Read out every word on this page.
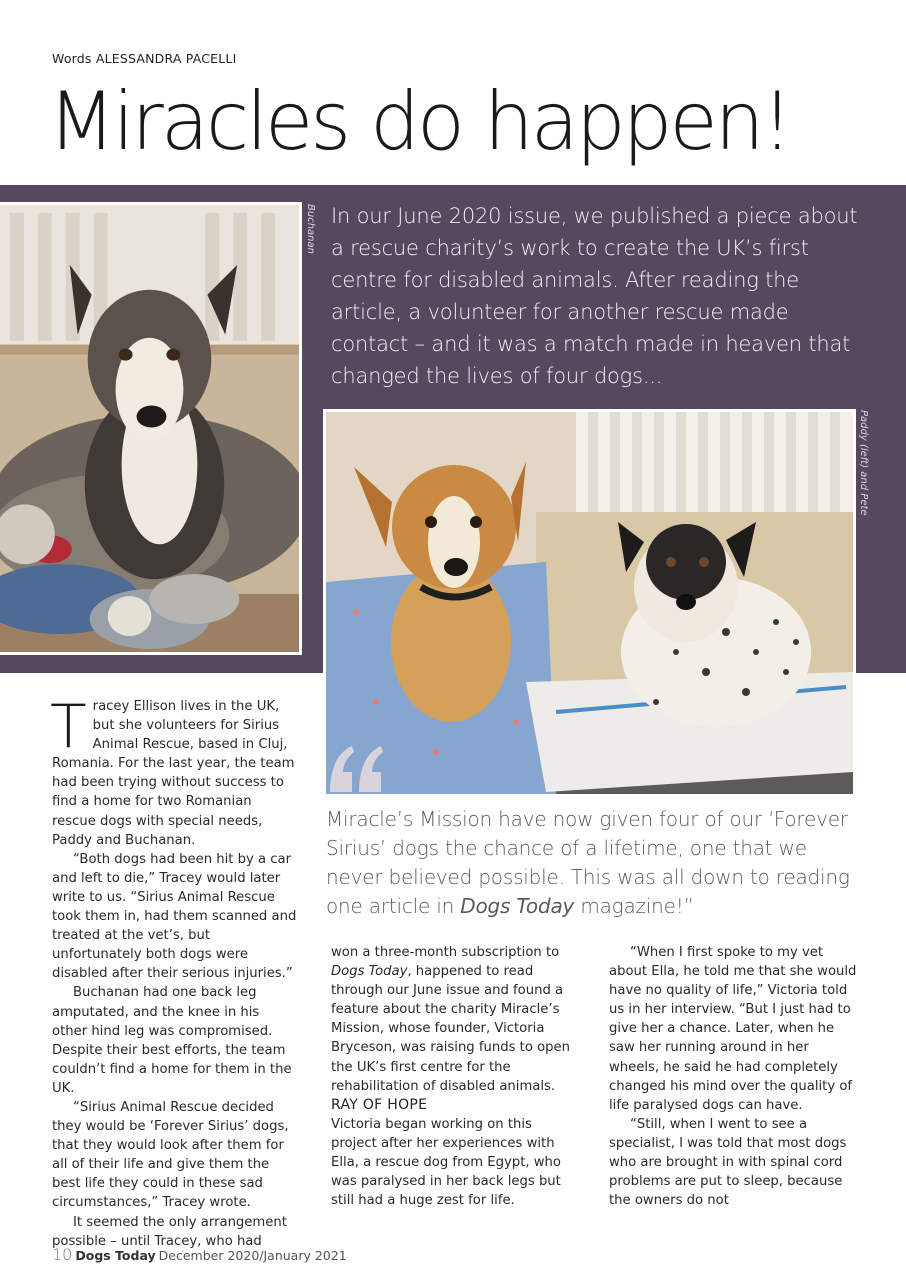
Words ALESSANDRA PACELLI
Miracles do happen!
Buchanan In our June 2020 issue, we published a piece about a rescue charity’s work to create the UK’s first centre for disabled animals. After reading the article, a volunteer for another rescue made contact – and it was a match made in heaven that changed the lives of four dogs...
Paddy (left) and Pete
Miracle’s Mission have now given four of our ‘Forever Sirius’ dogs the chance of a lifetime, one that we never believed possible. This was all down to reading one article in Dogs Today magazine!”

Tracey Ellison lives in the UK, but she volunteers for Sirius Animal Rescue, based in Cluj, Romania. For the last year, the team had been trying without success to find a home for two Romanian rescue dogs with special needs, Paddy and Buchanan.

“Both dogs had been hit by a car and left to die,” Tracey would later write to us. “Sirius Animal Rescue took them in, had them scanned and treated at the vet’s, but unfortunately both dogs were disabled after their serious injuries.”

Buchanan had one back leg amputated, and the knee in his other hind leg was compromised. Despite their best efforts, the team couldn’t find a home for them in the UK.

“Sirius Animal Rescue decided they would be ‘Forever Sirius’ dogs, that they would look after them for all of their life and give them the best life they could in these sad circumstances,” Tracey wrote.

It seemed the only arrangement possible – until Tracey, who had

won a three-month subscription to Dogs Today, happened to read through our June issue and found a feature about the charity Miracle’s Mission, whose founder, Victoria Bryceson, was raising funds to open the UK’s first centre for the rehabilitation of disabled animals.

RAY OF HOPE

Victoria began working on this project after her experiences with Ella, a rescue dog from Egypt, who was paralysed in her back legs but still had a huge zest for life.

“When I first spoke to my vet about Ella, he told me that she would have no quality of life,” Victoria told us in her interview. “But I just had to give her a chance. Later, when he saw her running around in her wheels, he said he had completely changed his mind over the quality of life paralysed dogs can have.

“Still, when I went to see a specialist, I was told that most dogs who are brought in with spinal cord problems are put to sleep, because the owners do not

10 Dogs Today December 2020/January 2021
